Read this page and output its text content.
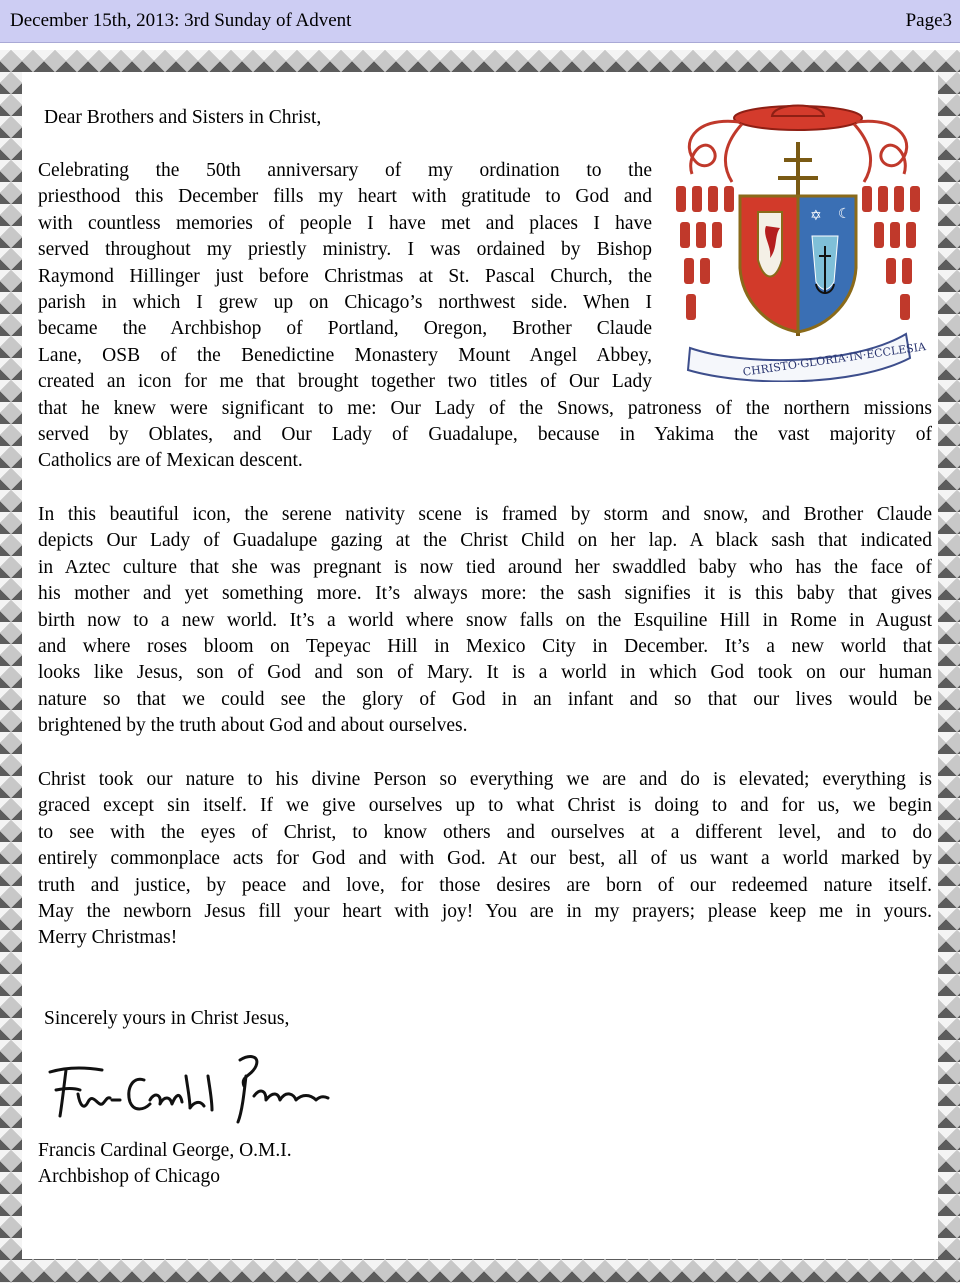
December 15th, 2013: 3rd Sunday of Advent	Page3
Dear Brothers and Sisters in Christ,
Celebrating the 50th anniversary of my ordination to the
priesthood this December fills my heart with gratitude to God and
with countless memories of people I have met and places I have
served throughout my priestly ministry. I was ordained by Bishop
Raymond Hillinger just before Christmas at St. Pascal Church, the
parish in which I grew up on Chicago’s northwest side. When I
became the Archbishop of Portland, Oregon, Brother Claude
Lane, OSB of the Benedictine Monastery Mount Angel Abbey,
created an icon for me that brought together two titles of Our Lady
that he knew were significant to me: Our Lady of the Snows, patroness of the northern missions
served by Oblates, and Our Lady of Guadalupe, because in Yakima the vast majority of
Catholics are of Mexican descent.
In this beautiful icon, the serene nativity scene is framed by storm and snow, and Brother Claude
depicts Our Lady of Guadalupe gazing at the Christ Child on her lap. A black sash that indicated
in Aztec culture that she was pregnant is now tied around her swaddled baby who has the face of
his mother and yet something more. It’s always more: the sash signifies it is this baby that gives
birth now to a new world. It’s a world where snow falls on the Esquiline Hill in Rome in August
and where roses bloom on Tepeyac Hill in Mexico City in December. It’s a new world that
looks like Jesus, son of God and son of Mary. It is a world in which God took on our human
nature so that we could see the glory of God in an infant and so that our lives would be
brightened by the truth about God and about ourselves.
Christ took our nature to his divine Person so everything we are and do is elevated; everything is
graced except sin itself. If we give ourselves up to what Christ is doing to and for us, we begin
to see with the eyes of Christ, to know others and ourselves at a different level, and to do
entirely commonplace acts for God and with God. At our best, all of us want a world marked by
truth and justice, by peace and love, for those desires are born of our redeemed nature itself.
May the newborn Jesus fill your heart with joy! You are in my prayers; please keep me in yours.
Merry Christmas!
Sincerely yours in Christ Jesus,
Francis Cardinal George, O.M.I.
Archbishop of Chicago
✡ ☾
CHRISTO·GLORIA·IN·ECCLESIA
